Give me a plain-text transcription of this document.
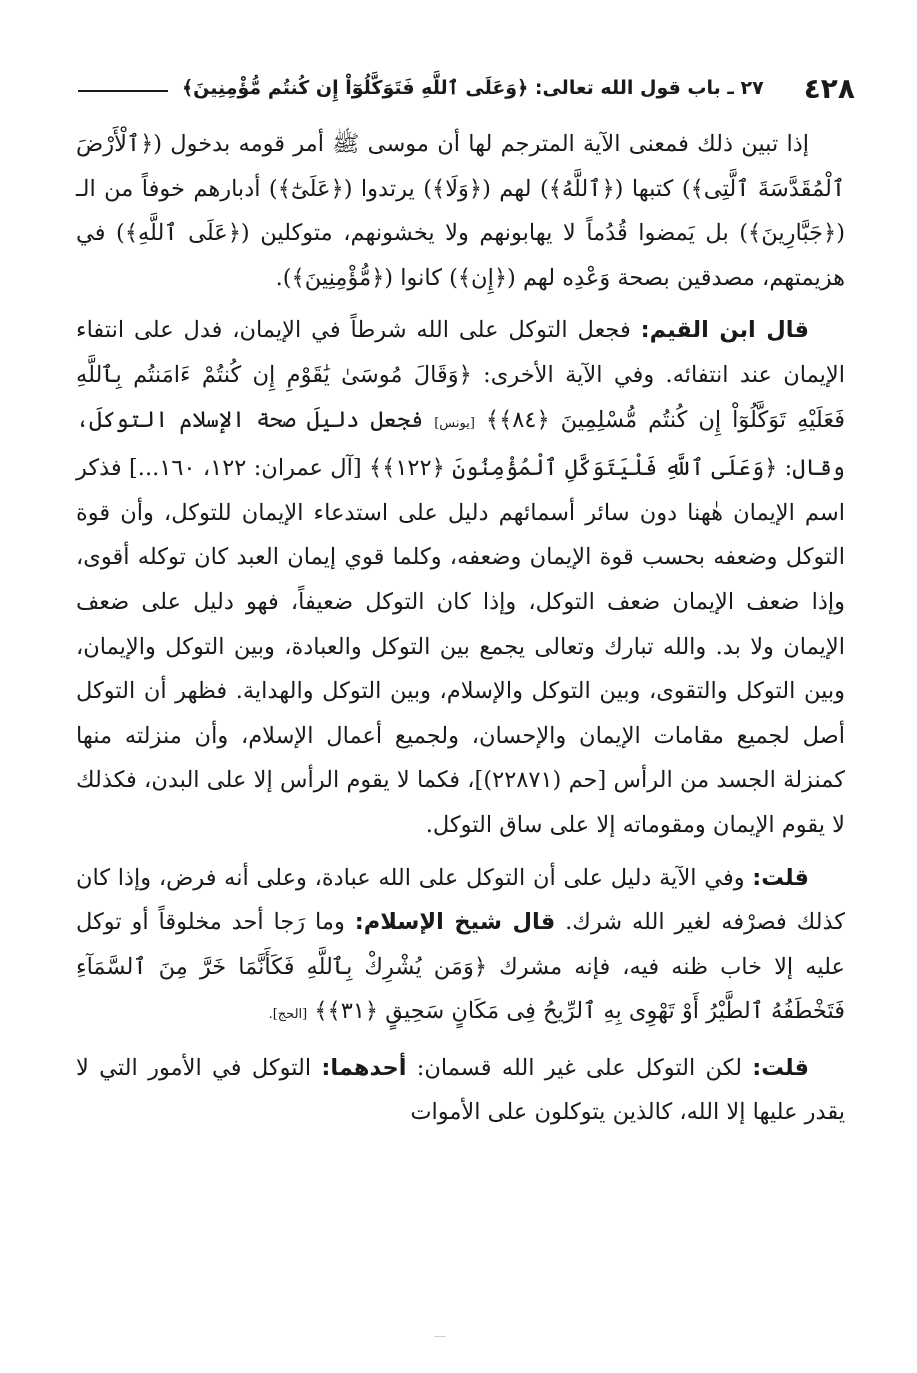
٤٢٨
٢٧ ـ باب قول الله تعالى: ﴿وَعَلَى ٱللَّهِ فَتَوَكَّلُوٓاْ إِن كُنتُم مُّؤْمِنِينَ﴾

إذا تبين ذلك فمعنى الآية المترجم لها أن موسى ﷺ أمر قومه بدخول (﴿ٱلْأَرْضَ ٱلْمُقَدَّسَةَ ٱلَّتِى﴾) كتبها (﴿ٱللَّهُ﴾) لهم (﴿وَلَا﴾) يرتدوا (﴿عَلَىٰٓ﴾) أدبارهم خوفاً من الـ (﴿جَبَّارِينَ﴾) بل يَمضوا قُدُماً لا يهابونهم ولا يخشونهم، متوكلين (﴿عَلَى ٱللَّهِ﴾) في هزيمتهم، مصدقين بصحة وَعْدِه لهم (﴿إِن﴾) كانوا (﴿مُّؤْمِنِينَ﴾).

قال ابن القيم: فجعل التوكل على الله شرطاً في الإيمان، فدل على انتفاء الإيمان عند انتفائه. وفي الآية الأخرى: ﴿وَقَالَ مُوسَىٰ يَٰقَوْمِ إِن كُنتُمْ ءَامَنتُم بِٱللَّهِ فَعَلَيْهِ تَوَكَّلُوٓاْ إِن كُنتُم مُّسْلِمِينَ ﴿٨٤﴾﴾ [يونس] فجعل دليلَ صحة الإسلام التوكلَ، وقال: ﴿وَعَلَى ٱللَّهِ فَلْيَتَوَكَّلِ ٱلْمُؤْمِنُونَ ﴿١٢٢﴾﴾ [آل عمران: ١٢٢، ١٦٠...] فذكر اسم الإيمان هٰهنا دون سائر أسمائهم دليل على استدعاء الإيمان للتوكل، وأن قوة التوكل وضعفه بحسب قوة الإيمان وضعفه، وكلما قوي إيمان العبد كان توكله أقوى، وإذا ضعف الإيمان ضعف التوكل، وإذا كان التوكل ضعيفاً، فهو دليل على ضعف الإيمان ولا بد. والله تبارك وتعالى يجمع بين التوكل والعبادة، وبين التوكل والإيمان، وبين التوكل والتقوى، وبين التوكل والإسلام، وبين التوكل والهداية. فظهر أن التوكل أصل لجميع مقامات الإيمان والإحسان، ولجميع أعمال الإسلام، وأن منزلته منها كمنزلة الجسد من الرأس [حم (٢٢٨٧١)]، فكما لا يقوم الرأس إلا على البدن، فكذلك لا يقوم الإيمان ومقوماته إلا على ساق التوكل.

قلت: وفي الآية دليل على أن التوكل على الله عبادة، وعلى أنه فرض، وإذا كان كذلك فصرْفه لغير الله شرك. قال شيخ الإسلام: وما رَجا أحد مخلوقاً أو توكل عليه إلا خاب ظنه فيه، فإنه مشرك ﴿وَمَن يُشْرِكْ بِٱللَّهِ فَكَأَنَّمَا خَرَّ مِنَ ٱلسَّمَآءِ فَتَخْطَفُهُ ٱلطَّيْرُ أَوْ تَهْوِى بِهِ ٱلرِّيحُ فِى مَكَانٍ سَحِيقٍ ﴿٣١﴾﴾ [الحج].

قلت: لكن التوكل على غير الله قسمان: أحدهما: التوكل في الأمور التي لا يقدر عليها إلا الله، كالذين يتوكلون على الأموات
